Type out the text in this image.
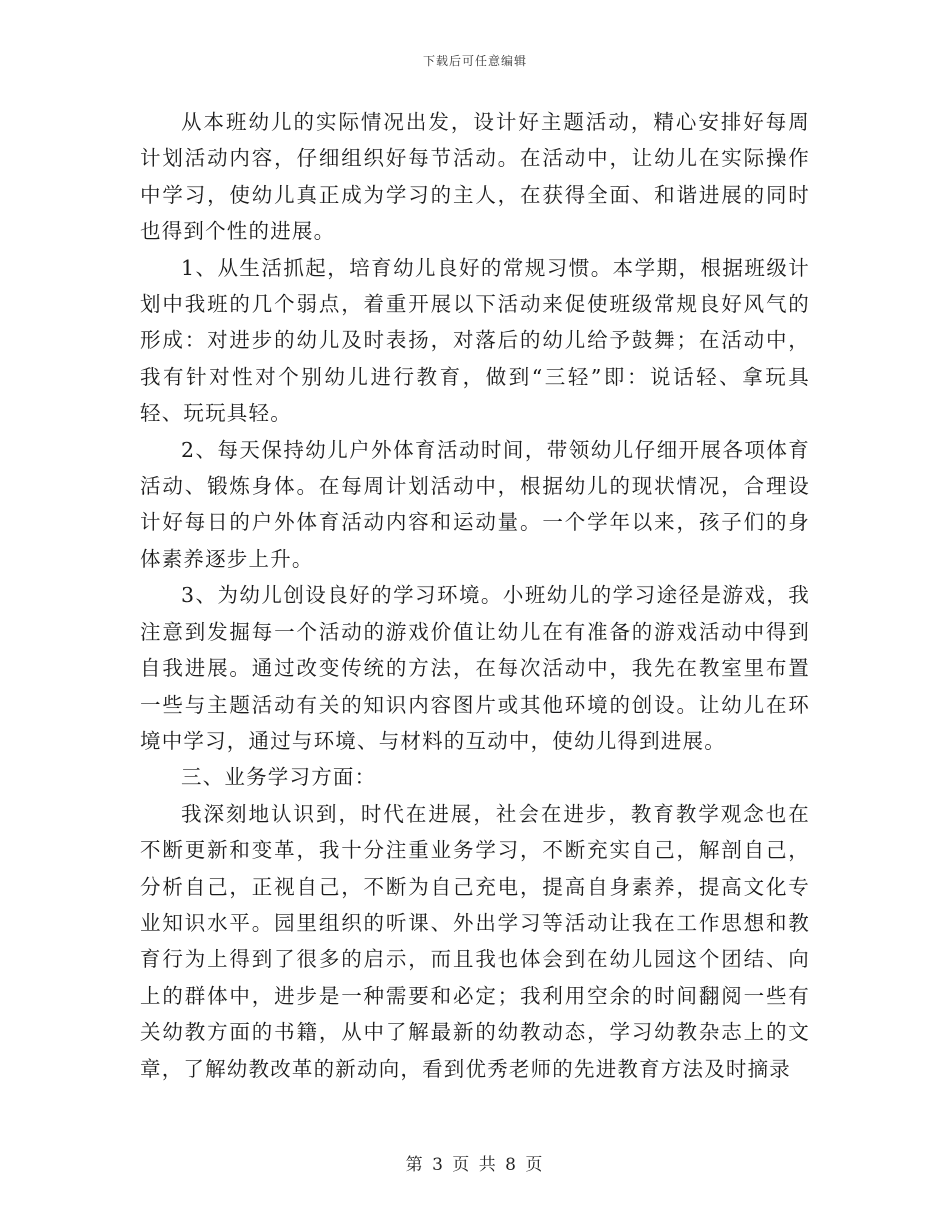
下载后可任意编辑

从本班幼儿的实际情况出发，设计好主题活动，精心安排好每周计划活动内容，仔细组织好每节活动。在活动中，让幼儿在实际操作中学习，使幼儿真正成为学习的主人，在获得全面、和谐进展的同时也得到个性的进展。

1、从生活抓起，培育幼儿良好的常规习惯。本学期，根据班级计划中我班的几个弱点，着重开展以下活动来促使班级常规良好风气的形成：对进步的幼儿及时表扬，对落后的幼儿给予鼓舞；在活动中，我有针对性对个别幼儿进行教育，做到“三轻”即：说话轻、拿玩具轻、玩玩具轻。

2、每天保持幼儿户外体育活动时间，带领幼儿仔细开展各项体育活动、锻炼身体。在每周计划活动中，根据幼儿的现状情况，合理设计好每日的户外体育活动内容和运动量。一个学年以来，孩子们的身体素养逐步上升。

3、为幼儿创设良好的学习环境。小班幼儿的学习途径是游戏，我注意到发掘每一个活动的游戏价值让幼儿在有准备的游戏活动中得到自我进展。通过改变传统的方法，在每次活动中，我先在教室里布置一些与主题活动有关的知识内容图片或其他环境的创设。让幼儿在环境中学习，通过与环境、与材料的互动中，使幼儿得到进展。

三、业务学习方面：

我深刻地认识到，时代在进展，社会在进步，教育教学观念也在不断更新和变革，我十分注重业务学习，不断充实自己，解剖自己，分析自己，正视自己，不断为自己充电，提高自身素养，提高文化专业知识水平。园里组织的听课、外出学习等活动让我在工作思想和教育行为上得到了很多的启示，而且我也体会到在幼儿园这个团结、向上的群体中，进步是一种需要和必定；我利用空余的时间翻阅一些有关幼教方面的书籍，从中了解最新的幼教动态，学习幼教杂志上的文章，了解幼教改革的新动向，看到优秀老师的先进教育方法及时摘录

第 3 页 共 8 页
